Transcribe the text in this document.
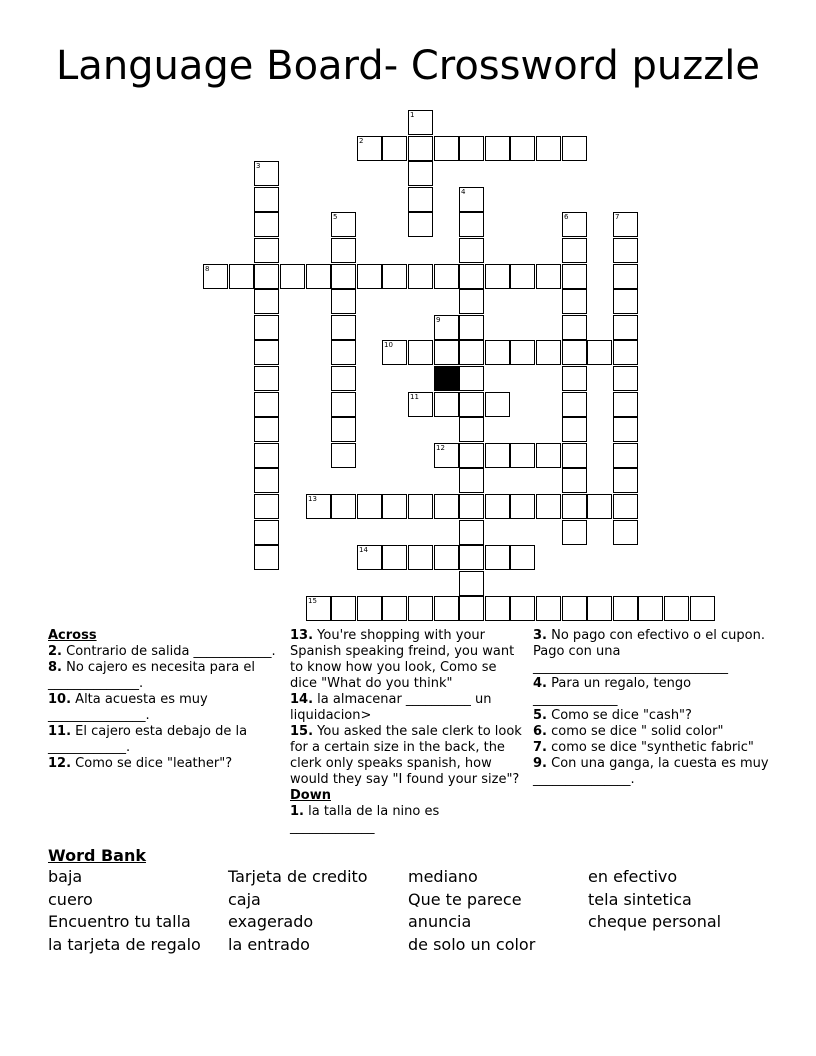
Language Board- Crossword puzzle
1
2
3
4
5	6	7
8
9
10
11
12
13
14
15

Across

2. Contrario de salida ____________.

8. No cajero es necesita para el ______________.

10. Alta acuesta es muy _______________.

11. El cajero esta debajo de la ____________.

12. Como se dice "leather"?

13. You're shopping with your Spanish speaking freind, you want to know how you look, Como se dice "What do you think"

14. la almacenar __________ un liquidacion>

15. You asked the sale clerk to look for a certain size in the back, the clerk only speaks spanish, how would they say "I found your size"?

Down

1. la talla de la nino es _____________

3. No pago con efectivo o el cupon. Pago con una ______________________________

4. Para un regalo, tengo _____________

5. Como se dice "cash"?

6. como se dice " solid color"

7. como se dice "synthetic fabric"

9. Con una ganga, la cuesta es muy _______________.

Word Bank
baja
cuero
Encuentro tu talla
la tarjeta de regalo
Tarjeta de credito
caja
exagerado
la entrado
mediano
Que te parece
anuncia
de solo un color
en efectivo
tela sintetica
cheque personal
